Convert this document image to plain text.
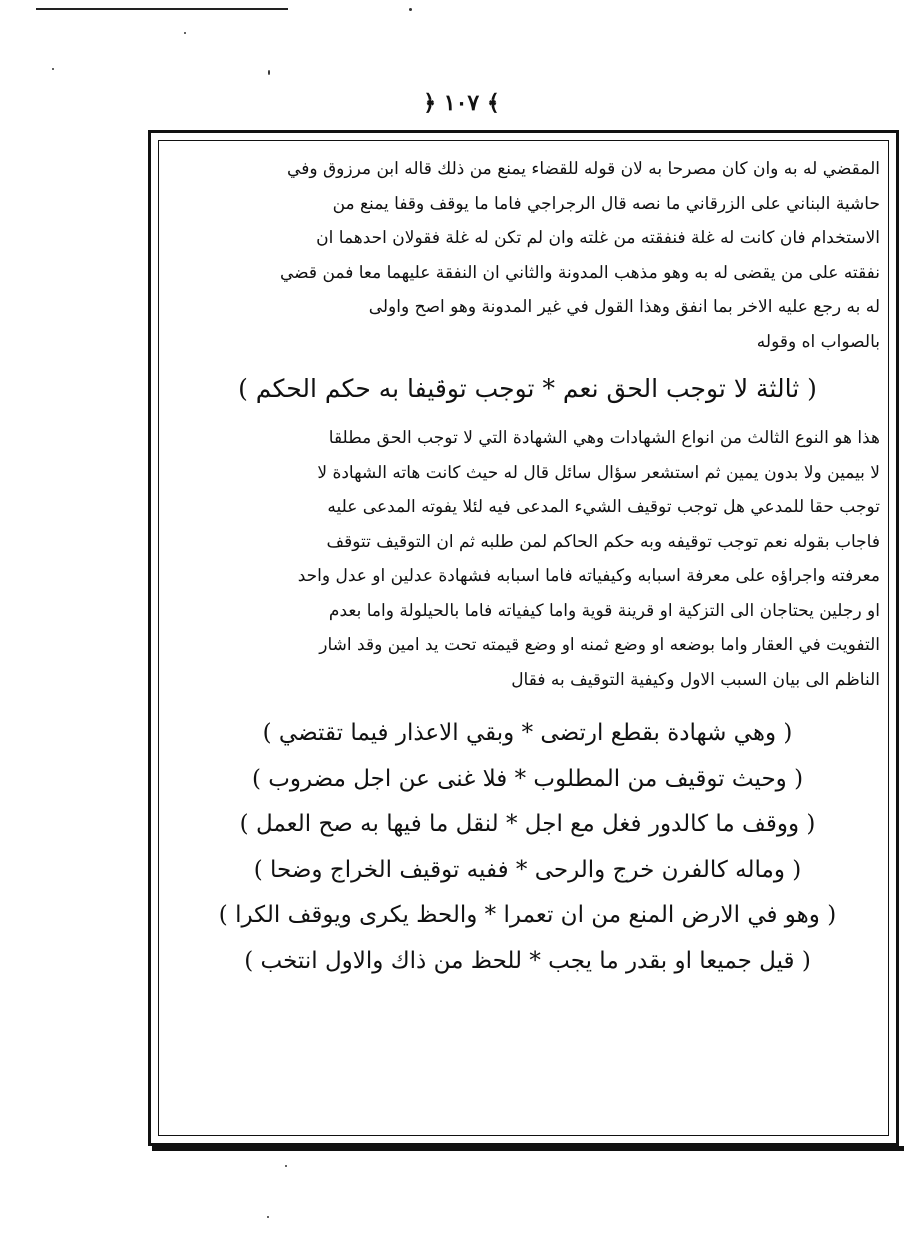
﴾ ١٠٧ ﴿
المقضي له به وان كان مصرحا به لان قوله للقضاء يمنع من ذلك قاله ابن مرزوق وفي
حاشية البناني على الزرقاني ما نصه قال الرجراجي فاما ما يوقف وقفا يمنع من
الاستخدام فان كانت له غلة فنفقته من غلته وان لم تكن له غلة فقولان احدهما ان
نفقته على من يقضى له به وهو مذهب المدونة والثاني ان النفقة عليهما معا فمن قضي
له به رجع عليه الاخر بما انفق وهذا القول في غير المدونة وهو اصح واولى
بالصواب اه وقوله
( ثالثة لا توجب الحق نعم * توجب توقيفا به حكم الحكم )
هذا هو النوع الثالث من انواع الشهادات وهي الشهادة التي لا توجب الحق مطلقا
لا بيمين ولا بدون يمين ثم استشعر سؤال سائل قال له حيث كانت هاته الشهادة لا
توجب حقا للمدعي هل توجب توقيف الشيء المدعى فيه لئلا يفوته المدعى عليه
فاجاب بقوله نعم توجب توقيفه وبه حكم الحاكم لمن طلبه ثم ان التوقيف تتوقف
معرفته واجراؤه على معرفة اسبابه وكيفياته فاما اسبابه فشهادة عدلين او عدل واحد
او رجلين يحتاجان الى التزكية او قرينة قوية واما كيفياته فاما بالحيلولة واما بعدم
التفويت في العقار واما بوضعه او وضع ثمنه او وضع قيمته تحت يد امين وقد اشار
الناظم الى بيان السبب الاول وكيفية التوقيف به فقال
( وهي شهادة بقطع ارتضى * وبقي الاعذار فيما تقتضي )
( وحيث توقيف من المطلوب * فلا غنى عن اجل مضروب )
( ووقف ما كالدور فغل مع اجل * لنقل ما فيها به صح العمل )
( وماله كالفرن خرج والرحى * ففيه توقيف الخراج وضحا )
( وهو في الارض المنع من ان تعمرا * والحظ يكرى ويوقف الكرا )
( قيل جميعا او بقدر ما يجب * للحظ من ذاك والاول انتخب )
